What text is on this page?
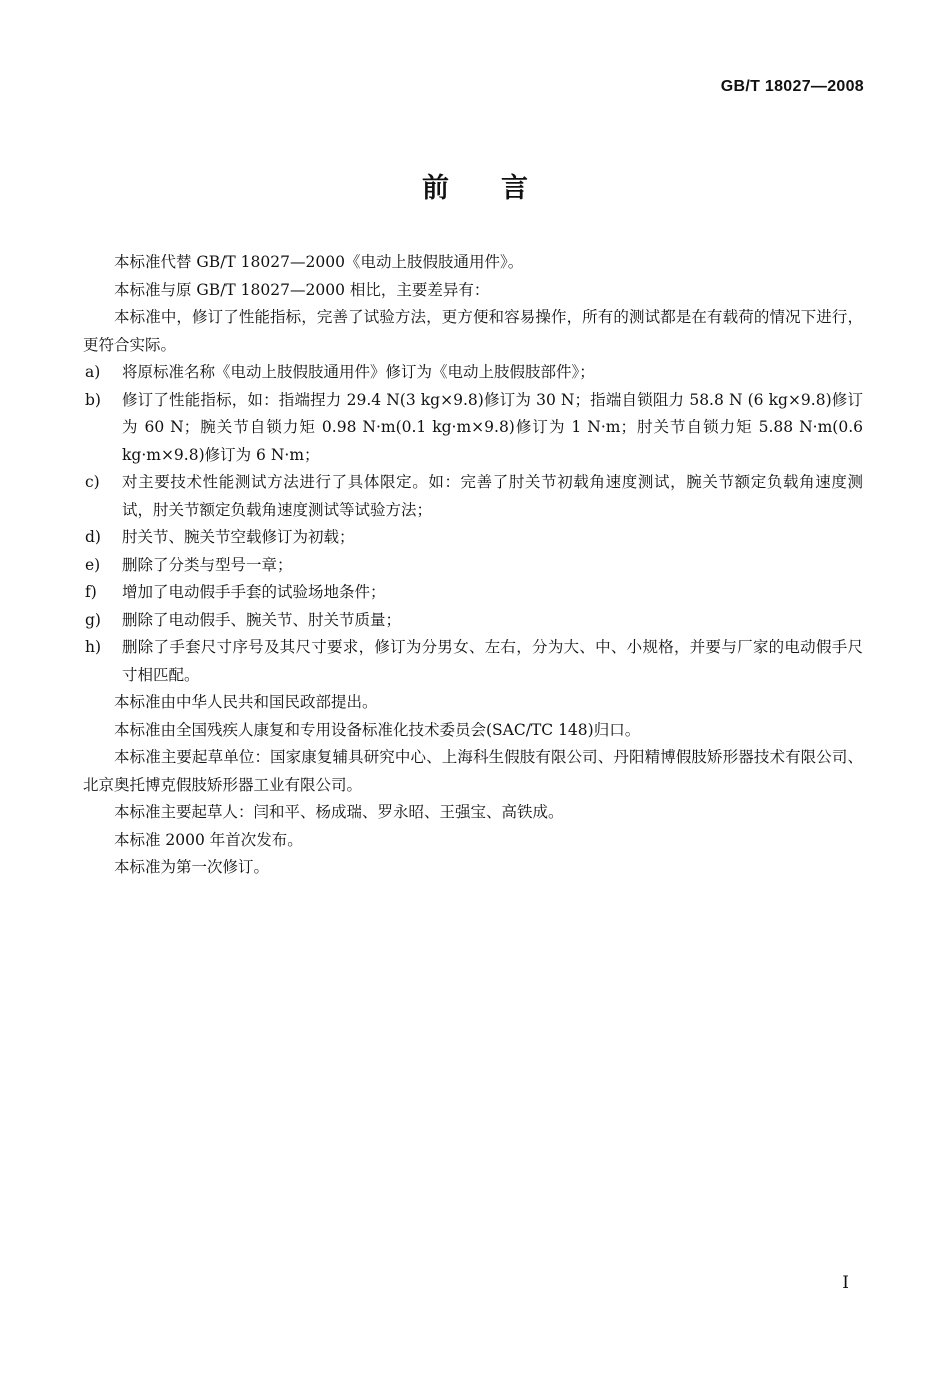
GB/T 18027—2008
前言

本标准代替 GB/T 18027—2000《电动上肢假肢通用件》。

本标准与原 GB/T 18027—2000 相比，主要差异有：

本标准中，修订了性能指标，完善了试验方法，更方便和容易操作，所有的测试都是在有载荷的情况下进行，更符合实际。

a) 将原标准名称《电动上肢假肢通用件》修订为《电动上肢假肢部件》；
b) 修订了性能指标，如：指端捏力 29.4 N(3 kg×9.8)修订为 30 N；指端自锁阻力 58.8 N (6 kg×9.8)修订为 60 N；腕关节自锁力矩 0.98 N·m(0.1 kg·m×9.8)修订为 1 N·m；肘关节自锁力矩 5.88 N·m(0.6 kg·m×9.8)修订为 6 N·m；
c) 对主要技术性能测试方法进行了具体限定。如：完善了肘关节初载角速度测试，腕关节额定负载角速度测试，肘关节额定负载角速度测试等试验方法；
d) 肘关节、腕关节空载修订为初载；
e) 删除了分类与型号一章；
f) 增加了电动假手手套的试验场地条件；
g) 删除了电动假手、腕关节、肘关节质量；
h) 删除了手套尺寸序号及其尺寸要求，修订为分男女、左右，分为大、中、小规格，并要与厂家的电动假手尺寸相匹配。

本标准由中华人民共和国民政部提出。

本标准由全国残疾人康复和专用设备标准化技术委员会(SAC/TC 148)归口。

本标准主要起草单位：国家康复辅具研究中心、上海科生假肢有限公司、丹阳精博假肢矫形器技术有限公司、北京奥托博克假肢矫形器工业有限公司。

本标准主要起草人：闫和平、杨成瑞、罗永昭、王强宝、高铁成。

本标准 2000 年首次发布。

本标准为第一次修订。

I
